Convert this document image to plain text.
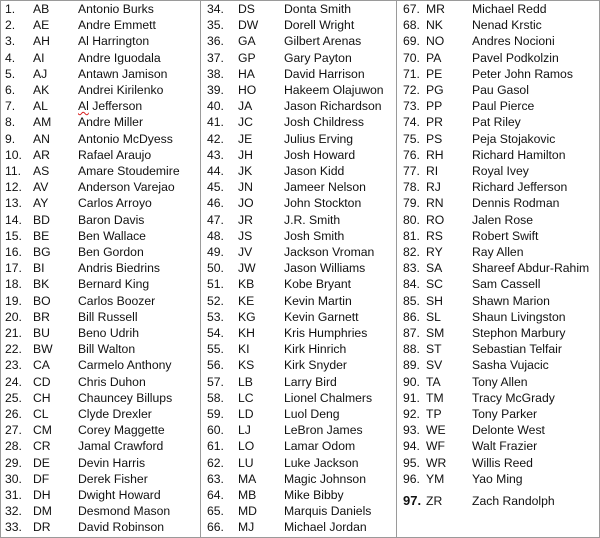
1. AB Antonio Burks
2. AE Andre Emmett
3. AH Al Harrington
4. AI	Andre Iguodala
5. AJ	Antawn Jamison
6. AK Andrei Kirilenko
7. AL Al Jefferson
8. AM Andre Miller
9. AN Antonio McDyess
10. AR Rafael Araujo
11. AS Amare Stoudemire
12. AV Anderson Varejao
13. AY Carlos Arroyo
14. BD Baron Davis
15. BE Ben Wallace
16. BG Ben Gordon
17. BI	Andris Biedrins
18. BK Bernard King
19. BO Carlos Boozer
20. BR Bill Russell
21. BU Beno Udrih
22. BW Bill Walton
23. CA Carmelo Anthony
24. CD Chris Duhon
25. CH Chauncey Billups
26. CL Clyde Drexler
27. CM Corey Maggette
28. CR Jamal Crawford
29. DE Devin Harris
30. DF Derek Fisher
31. DH Dwight Howard
32. DM Desmond Mason
33. DR David Robinson
34. DS Donta Smith
35. DW Dorell Wright
36. GA Gilbert Arenas
37. GP Gary Payton
38. HA David Harrison
39. HO Hakeem Olajuwon
40. JA	Jason Richardson
41. JC	Josh Childress
42. JE	Julius Erving
43. JH	Josh Howard
44. JK	Jason Kidd
45. JN	Jameer Nelson
46. JO John Stockton
47. JR	J.R. Smith
48. JS	Josh Smith
49. JV	Jackson Vroman
50. JW Jason Williams
51. KB Kobe Bryant
52. KE Kevin Martin
53. KG Kevin Garnett
54. KH Kris Humphries
55. KI	Kirk Hinrich
56. KS Kirk Snyder
57. LB	Larry Bird
58. LC Lionel Chalmers
59. LD Luol Deng
60. LJ	LeBron James
61. LO Lamar Odom
62. LU Luke Jackson
63. MA Magic Johnson
64. MB Mike Bibby
65. MD Marquis Daniels
66. MJ Michael Jordan
67. MR Michael Redd
68. NK Nenad Krstic
69. NO Andres Nocioni
70. PA	Pavel Podkolzin
71. PE Peter John Ramos
72. PG Pau Gasol
73. PP Paul Pierce
74. PR Pat Riley
75. PS Peja Stojakovic
76. RH Richard Hamilton
77. RI	Royal Ivey
78. RJ	Richard Jefferson
79. RN Dennis Rodman
80. RO Jalen Rose
81. RS Robert Swift
82. RY Ray Allen
83. SA Shareef Abdur-Rahim
84. SC Sam Cassell
85. SH Shawn Marion
86. SL	Shaun Livingston
87. SM Stephon Marbury
88. ST Sebastian Telfair
89. SV Sasha Vujacic
90. TA	Tony Allen
91. TM Tracy McGrady
92. TP Tony Parker
93. WE Delonte West
94. WF Walt Frazier
95. WR Willis Reed
96. YM Yao Ming
97. ZR Zach Randolph
